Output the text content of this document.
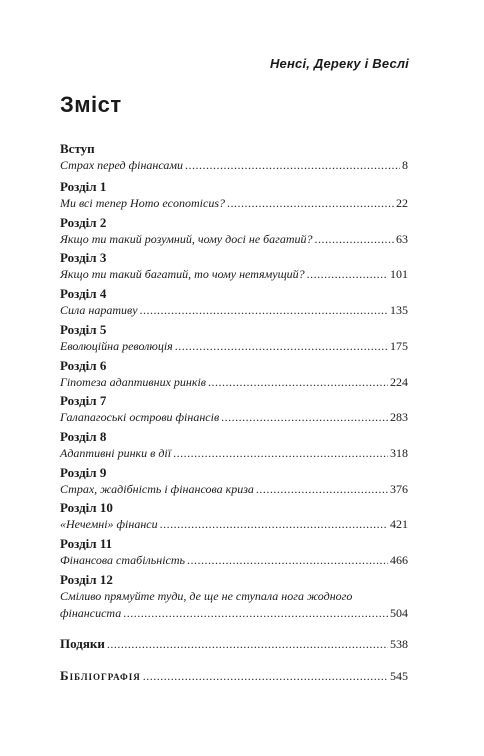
Ненсі, Дереку і Веслі
Зміст
Вступ
Страх перед фінансами .....	8
Розділ 1
Ми всі тепер Homo economicus? .....	22
Розділ 2
Якщо ти такий розумний, чому досі не багатий? .....	63
Розділ 3
Якщо ти такий багатий, то чому нетямущий? .....	101
Розділ 4
Сила наративу .....	135
Розділ 5
Еволюційна революція .....	175
Розділ 6
Гіпотеза адаптивних ринків .....	224
Розділ 7
Галапагоські острови фінансів .....	283
Розділ 8
Адаптивні ринки в дії .....	318
Розділ 9
Страх, жадібність і фінансова криза .....	376
Розділ 10
«Нечемні» фінанси .....	421
Розділ 11
Фінансова стабільність .....	466
Розділ 12
Сміливо прямуйте туди, де ще не ступала нога жодного
фінансиста .....	504
Подяки .....	538
Бібліографія .....	545
